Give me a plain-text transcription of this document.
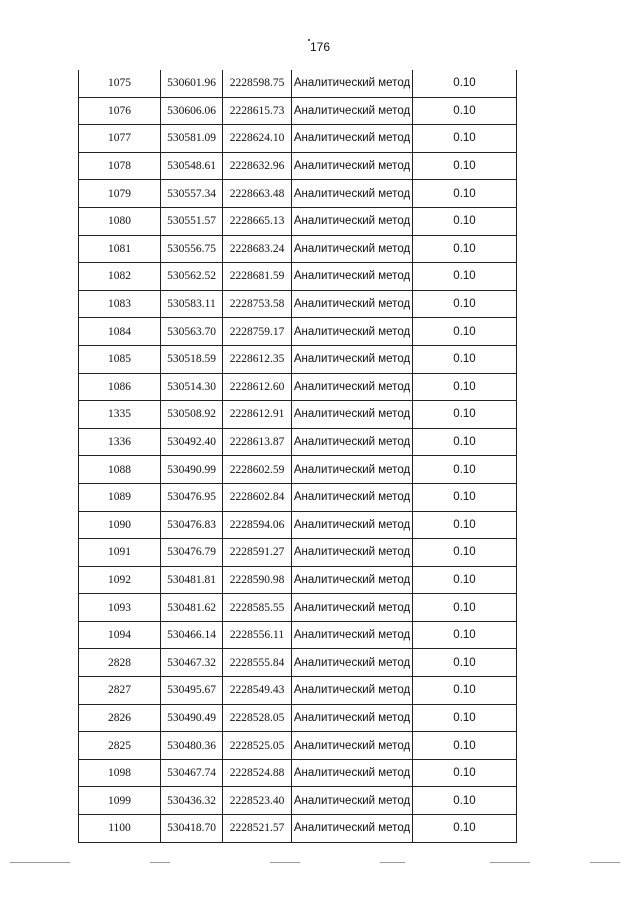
176
1075	530601.96	2228598.75	Аналитический метод	0.10
1076	530606.06	2228615.73	Аналитический метод	0.10
1077	530581.09	2228624.10	Аналитический метод	0.10
1078	530548.61	2228632.96	Аналитический метод	0.10
1079	530557.34	2228663.48	Аналитический метод	0.10
1080	530551.57	2228665.13	Аналитический метод	0.10
1081	530556.75	2228683.24	Аналитический метод	0.10
1082	530562.52	2228681.59	Аналитический метод	0.10
1083	530583.11	2228753.58	Аналитический метод	0.10
1084	530563.70	2228759.17	Аналитический метод	0.10
1085	530518.59	2228612.35	Аналитический метод	0.10
1086	530514.30	2228612.60	Аналитический метод	0.10
1335	530508.92	2228612.91	Аналитический метод	0.10
1336	530492.40	2228613.87	Аналитический метод	0.10
1088	530490.99	2228602.59	Аналитический метод	0.10
1089	530476.95	2228602.84	Аналитический метод	0.10
1090	530476.83	2228594.06	Аналитический метод	0.10
1091	530476.79	2228591.27	Аналитический метод	0.10
1092	530481.81	2228590.98	Аналитический метод	0.10
1093	530481.62	2228585.55	Аналитический метод	0.10
1094	530466.14	2228556.11	Аналитический метод	0.10
2828	530467.32	2228555.84	Аналитический метод	0.10
2827	530495.67	2228549.43	Аналитический метод	0.10
2826	530490.49	2228528.05	Аналитический метод	0.10
2825	530480.36	2228525.05	Аналитический метод	0.10
1098	530467.74	2228524.88	Аналитический метод	0.10
1099	530436.32	2228523.40	Аналитический метод	0.10
1100	530418.70	2228521.57	Аналитический метод	0.10
